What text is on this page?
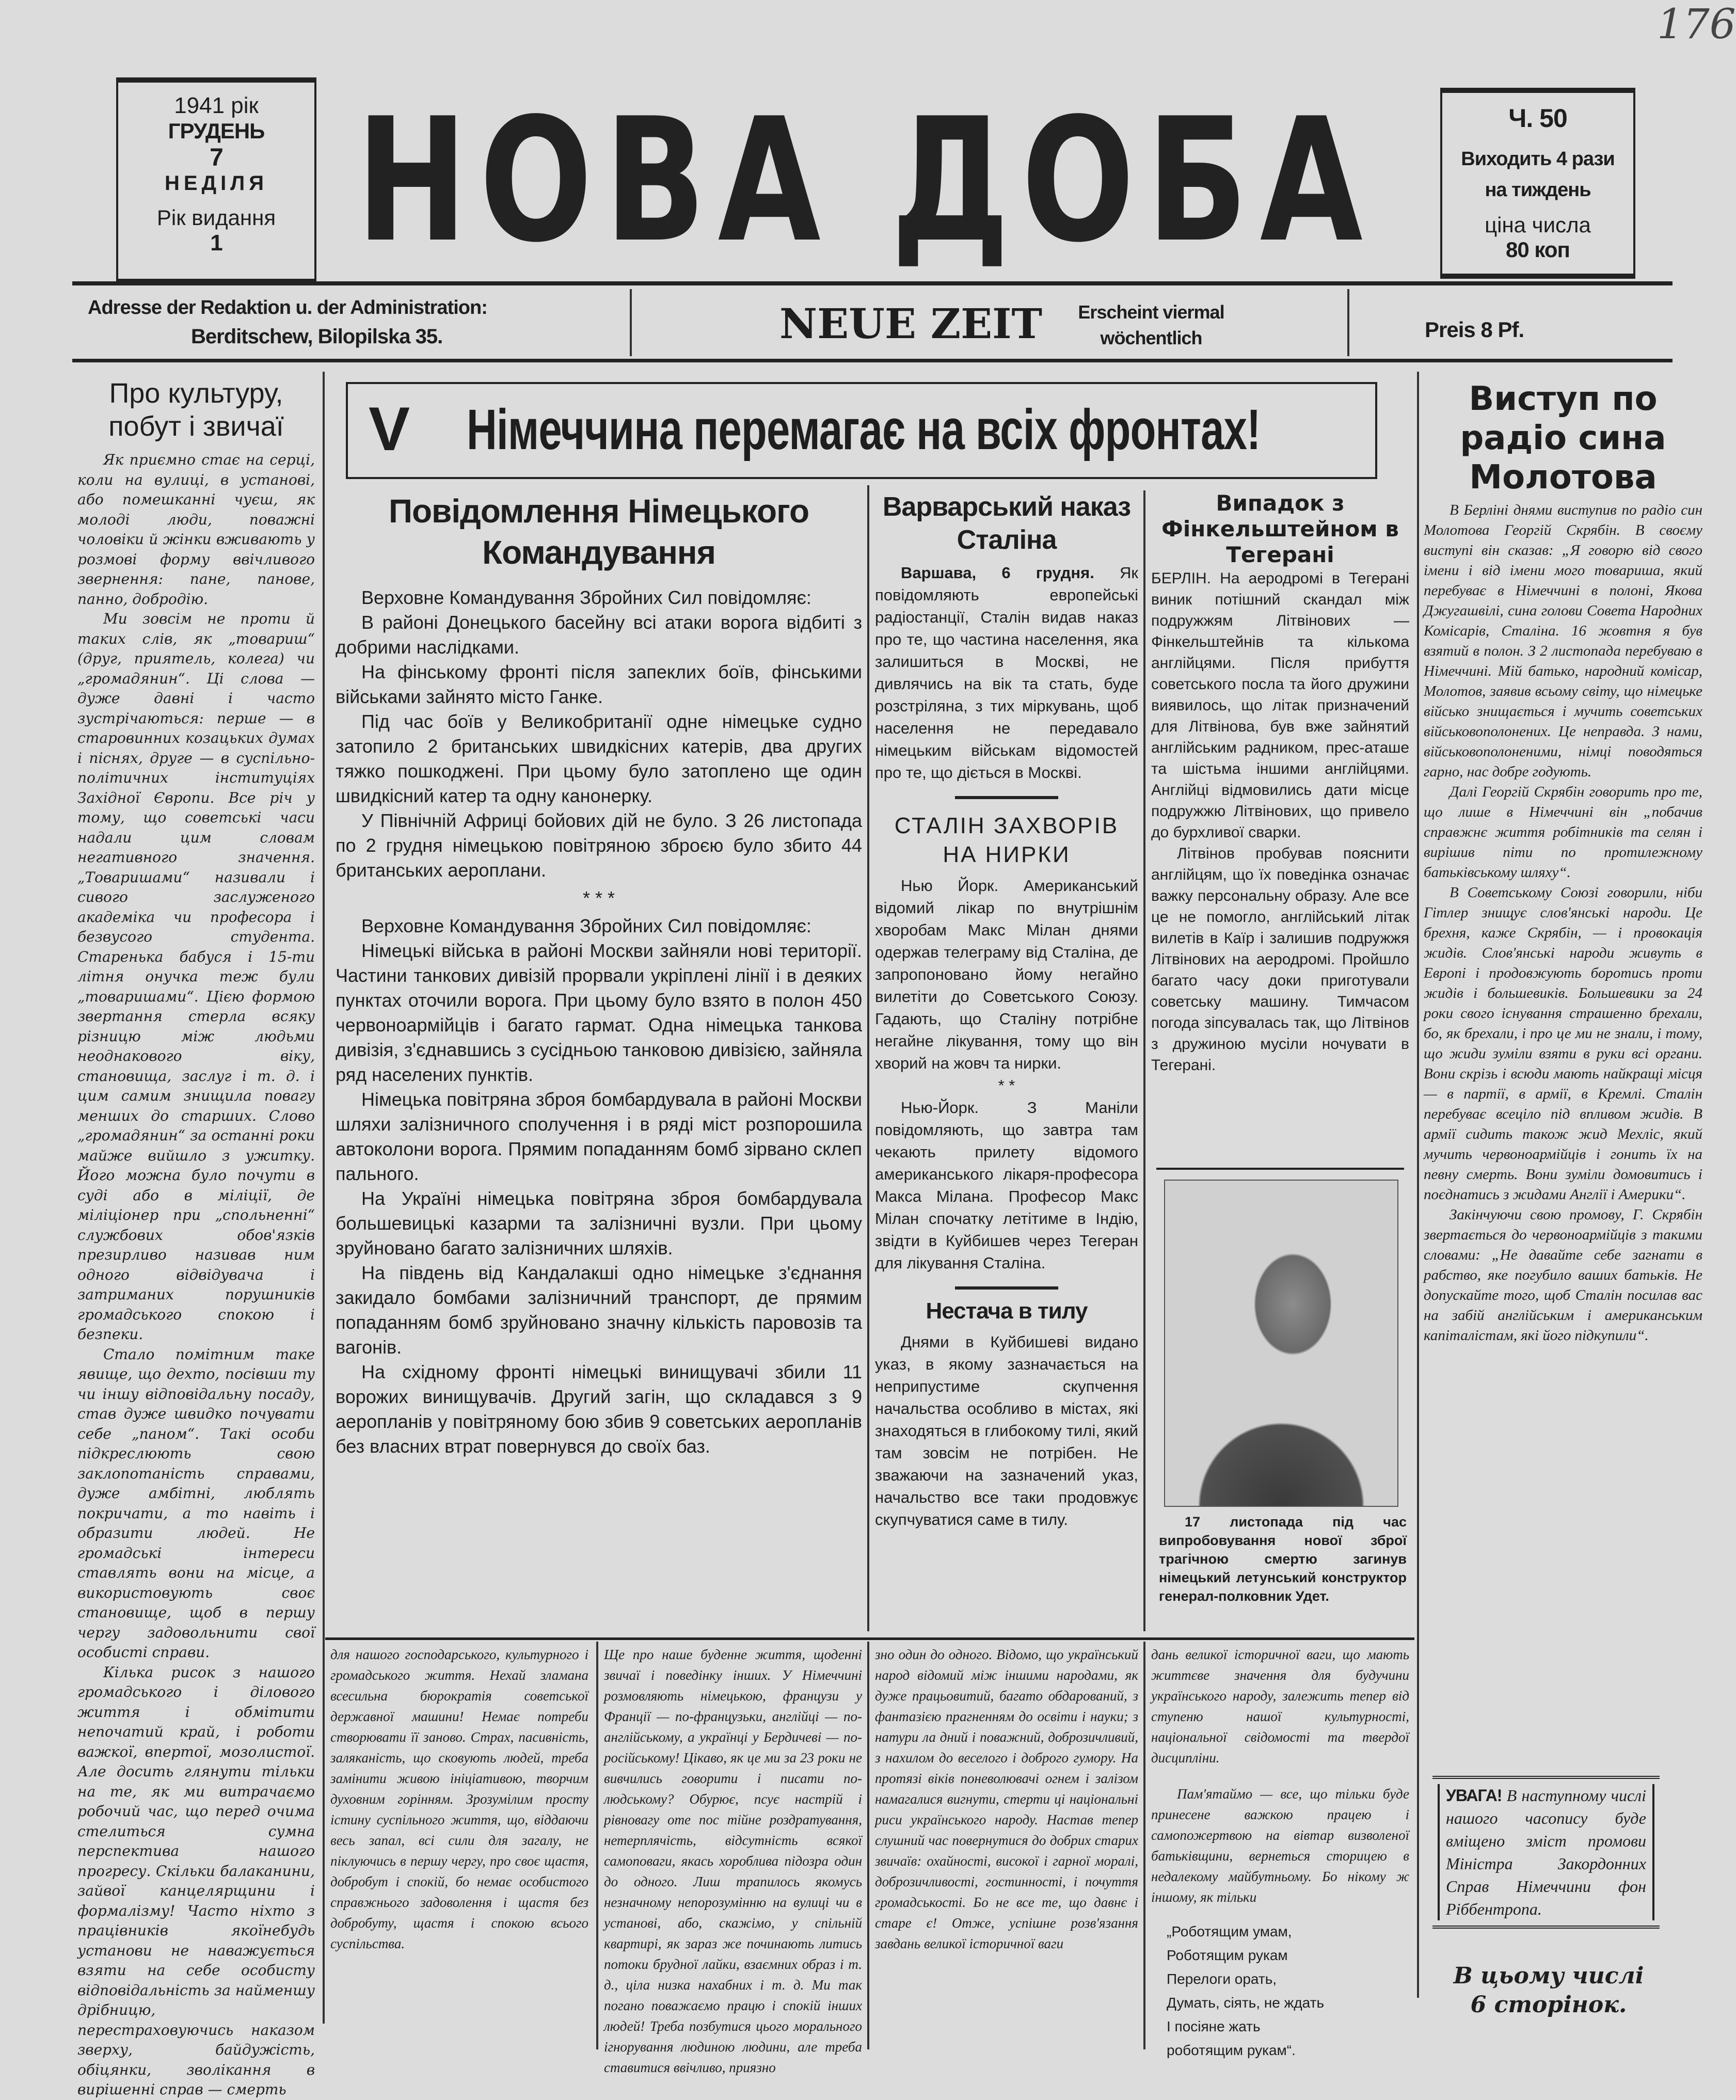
176
1941 рік
ГРУДЕНЬ
7
НЕДІЛЯ
Рік видання
1 НОВА ДОБА	Ч. 50
Виходить 4 рази на тиждень
ціна числа
80 коп
Adresse der Redaktion u. der Administration:
Berditschew, Bilopilska 35.	NEUE ZEIT Erscheint viermal wöchentlich	Preis 8 Pf.
Про культуру, побут і звичаї

Як приємно стає на серці, коли на вулиці, в установі, або помешканні чуєш, як молоді люди, поважні чоловіки й жінки вживають у розмові форму ввічливого звернення: пане, панове, панно, добродію.

Ми зовсім не проти й таких слів, як „товариш“ (друг, приятель, колега) чи „громадянин“. Ці слова — дуже давні і часто зустрічаються: перше — в старовинних козацьких думах і піснях, друге — в суспільно-політичних інституціях Західної Європи. Все річ у тому, що советські часи надали цим словам негативного значення. „Товаришами“ називали і сивого заслуженого академіка чи професора і безвусого студента. Старенька бабуся і 15-ти літня онучка теж були „товаришами“. Цією формою звертання стерла всяку різницю між людьми неоднакового віку, становища, заслуг і т. д. і цим самим знищила повагу менших до старших. Слово „громадянин“ за останні роки майже вийшло з ужитку. Його можна було почути в суді або в міліції, де міліціонер при „спольненні“ службових обов'язків презирливо називав ним одного відвідувача і затриманих порушників громадського спокою і безпеки.

Стало помітним таке явище, що дехто, посівши ту чи іншу відповідальну посаду, став дуже швидко почувати себе „паном“. Такі особи підкреслюють свою заклопотаність справами, дуже амбітні, люблять покричати, а то навіть і образити людей. Не громадські інтереси ставлять вони на місце, а використовують своє становище, щоб в першу чергу задовольнити свої особисті справи.

Кілька рисок з нашого громадського і ділового життя і обмітити непочатий край, і роботи важкої, впертої, мозолистої. Але досить глянути тільки на те, як ми витрачаємо робочий час, що перед очима стелиться сумна перспектива нашого прогресу. Скільки балаканини, зайвої канцелярщини і формалізму! Часто ніхто з працівників якоїнебудь установи не наважується взяти на себе особисту відповідальність за найменшу дрібницю, перестраховуючись наказом зверху, байдужість, обіцянки, зволікання в вирішенні справ — смерть

V Німеччина перемагає на всіх фронтах!
Повідомлення Німецького Командування

Верховне Командування Збройних Сил повідомляє:

В районі Донецького басейну всі атаки ворога відбиті з добрими наслідками.

На фінському фронті після запеклих боїв, фінськими військами зайнято місто Ганке.

Під час боїв у Великобританії одне німецьке судно затопило 2 британських швидкісних катерів, два других тяжко пошкоджені. При цьому було затоплено ще один швидкісний катер та одну канонерку.

У Північній Африці бойових дій не було. З 26 листопада по 2 грудня німецькою повітряною зброєю було збито 44 британських аероплани.

* * *

Верховне Командування Збройних Сил повідомляє:

Німецькі війська в районі Москви зайняли нові території. Частини танкових дивізій прорвали укріплені лінії і в деяких пунктах оточили ворога. При цьому було взято в полон 450 червоноармійців і багато гармат. Одна німецька танкова дивізія, з'єднавшись з сусідньою танковою дивізією, зайняла ряд населених пунктів.

Німецька повітряна зброя бомбардувала в районі Москви шляхи залізничного сполучення і в ряді міст розпорошила автоколони ворога. Прямим попаданням бомб зірвано склеп пального.

На Україні німецька повітряна зброя бомбардувала большевицькі казарми та залізничні вузли. При цьому зруйновано багато залізничних шляхів.

На південь від Кандалакші одно німецьке з'єднання закидало бомбами залізничний транспорт, де прямим попаданням бомб зруйновано значну кількість паровозів та вагонів.

На східному фронті німецькі винищувачі збили 11 ворожих винищувачів. Другий загін, що складався з 9 аеропланів у повітряному бою збив 9 советських аеропланів без власних втрат повернувся до своїх баз.

Варварський наказ Сталіна

Варшава, 6 грудня. Як повідомляють европейські радіостанції, Сталін видав наказ про те, що частина населення, яка залишиться в Москві, не дивлячись на вік та стать, буде розстріляна, з тих міркувань, щоб населення не передавало німецьким військам відомостей про те, що діється в Москві.

СТАЛІН ЗАХВОРІВ НА НИРКИ

Нью Йорк. Американський відомий лікар по внутрішнім хворобам Макс Мілан днями одержав телеграму від Сталіна, де запропоновано йому негайно вилетіти до Советського Союзу. Гадають, що Сталіну потрібне негайне лікування, тому що він хворий на жовч та нирки.

* *

Нью-Йорк. З Маніли повідомляють, що завтра там чекають прилету відомого американського лікаря-професора Макса Мілана. Професор Макс Мілан спочатку летітиме в Індію, звідти в Куйбишев через Тегеран для лікування Сталіна.

Нестача в тилу

Днями в Куйбишеві видано указ, в якому зазначається на неприпустиме скупчення начальства особливо в містах, які знаходяться в глибокому тилі, який там зовсім не потрібен. Не зважаючи на зазначений указ, начальство все таки продовжує скупчуватися саме в тилу.

Випадок з Фінкельштейном в Тегерані

БЕРЛІН. На аеродромі в Тегерані виник потішний скандал між подружжям Літвінових — Фінкельштейнів та кількома англійцями. Після прибуття советського посла та його дружини виявилось, що літак призначений для Літвінова, був вже зайнятий англійським радником, прес-аташе та шістьма іншими англійцями. Англійці відмовились дати місце подружжю Літвінових, що привело до бурхливої сварки.

Літвінов пробував пояснити англійцям, що їх поведінка означає важку персональну образу. Але все це не помогло, англійський літак вилетів в Каїр і залишив подружжя Літвінових на аеродромі. Пройшло багато часу доки приготували советську машину. Тимчасом погода зіпсувалась так, що Літвінов з дружиною мусіли ночувати в Тегерані.

17 листопада під час випробовування нової зброї трагічною смертю загинув німецький летунський конструктор генерал-полковник Удет.

Виступ по радіо сина Молотова

В Берліні днями виступив по радіо син Молотова Георгій Скрябін. В своєму виступі він сказав: „Я говорю від свого імени і від імени мого товариша, який перебуває в Німеччині в полоні, Якова Джугашвілі, сина голови Совета Народних Комісарів, Сталіна. 16 жовтня я був взятий в полон. З 2 листопада перебуваю в Німеччині. Мій батько, народний комісар, Молотов, заявив всьому світу, що німецьке військо знищається і мучить советських військовополонених. Це неправда. З нами, військовополоненими, німці поводяться гарно, нас добре годують.

Далі Георгій Скрябін говорить про те, що лише в Німеччині він „побачив справжнє життя робітників та селян і вирішив піти по протилежному батьківському шляху“.

В Советському Союзі говорили, ніби Гітлер знищує слов'янські народи. Це брехня, каже Скрябін, — і провокація жидів. Слов'янські народи живуть в Европі і продовжують боротись проти жидів і большевиків. Большевики за 24 роки свого існування страшенно брехали, бо, як брехали, і про це ми не знали, і тому, що жиди зуміли взяти в руки всі органи. Вони скрізь і всюди мають найкращі місця — в партії, в армії, в Кремлі. Сталін перебуває всецілo під впливом жидів. В армії сидить також жид Мехліс, який мучить червоноармійців і гонить їх на певну смерть. Вони зуміли домовитись і поєднатись з жидами Англії і Америки“.

Закінчуючи свою промову, Г. Скрябін звертається до червоноармійців з такими словами: „Не давайте себе загнати в рабство, яке погубило ваших батьків. Не допускайте того, щоб Сталін посилав вас на забій англійським і американським капіталістам, які його підкупили“.

УВАГА! В наступному числі нашого часопису буде вміщено зміст промови Міністра Закордонних Справ Німеччини фон Ріббентропа.
В цьому числі 6 сторінок.

для нашого господарського, культурного і громадського життя. Нехай зламана всесильна бюрократія советської державної машини! Немає потреби створювати її заново. Страх, пасивність, заляканість, що сковують людей, треба замінити живою ініціативою, творчим духовним горінням. Зрозумілим просту істину суспільного життя, що, віддаючи весь запал, всі сили для загалу, не піклуючись в першу чергу, про своє щастя, добробут і спокій, бо немає особистого справжнього задоволення і щастя без добробуту, щастя і спокою всього суспільства.

Ще про наше буденне життя, щоденні звичаї і поведінку інших. У Німеччині розмовляють німецькою, французи у Франції — по-французьки, англійці — по-англійському, а українці у Бердичеві — по-російському! Цікаво, як це ми за 23 роки не вивчились говорити і писати по-людському? Обурює, псує настрій і рівновагу оте пос тійне роздратування, нетерплячість, відсутність всякої самоповаги, якась хороблива підозра один до одного. Лиш трапилось якомусь незначному непорозумінню на вулиці чи в установі, або, скажімо, у спільній квартирі, як зараз же починають литись потоки брудної лайки, взаємних образ і т. д., ціла низка нахабних і т. д. Ми так погано поважаємо працю і спокій інших людей! Треба позбутися цього морального ігнорування людиною людини, але треба ставитися ввічливо, приязно

зно один до одного. Відомо, що український народ відомий між іншими народами, як дуже працьовитий, багато обдарований, з фантазією прагненням до освіти і науки; з натури ла дний і поважний, доброзичливий, з нахилом до веселого і доброго гумору. На протязі віків поневолювачі огнем і залізом намагалися вигнути, стерти ці національні риси українського народу. Настав тепер слушний час повернутися до добрих старих звичаїв: охайності, високої і гарної моралі, доброзичливості, гостинності, і почуття громадськості. Бо не все те, що давнє і старе є! Отже, успішне розв'язання завдань великої історичної ваги

дань великої історичної ваги, що мають життєве значення для будучини українського народу, залежить тепер від ступеню нашої культурності, національної свідомості та твердої дисципліни.

Пам'ятаймо — все, що тільки буде принесене важкою працею і самопожертвою на вівтар визволеної батьківщини, вернеться сторицею в недалекому майбутньому. Бо нікому ж іншому, як тільки

„Роботящим умам,
Роботящим рукам
Перелоги орать,
Думать, сіять, не ждать
І посіяне жать
роботящим рукам“.
